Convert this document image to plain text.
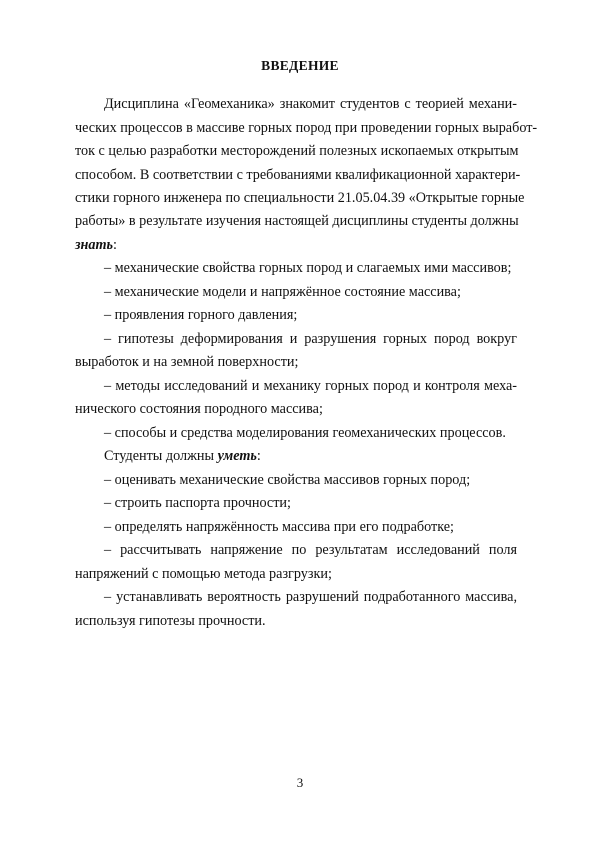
ВВЕДЕНИЕ
Дисциплина «Геомеханика» знакомит студентов с теорией механи-
ческих процессов в массиве горных пород при проведении горных выработ-
ток с целью разработки месторождений полезных ископаемых открытым
способом. В соответствии с требованиями квалификационной характери-
стики горного инженера по специальности 21.05.04.39 «Открытые горные
работы» в результате изучения настоящей дисциплины студенты должны
знать:
– механические свойства горных пород и слагаемых ими массивов;
– механические модели и напряжённое состояние массива;
– проявления горного давления;
– гипотезы деформирования и разрушения горных пород вокруг
выработок и на земной поверхности;
– методы исследований и механику горных пород и контроля меха-
нического состояния породного массива;
– способы и средства моделирования геомеханических процессов.
Студенты должны уметь:
– оценивать механические свойства массивов горных пород;
– строить паспорта прочности;
– определять напряжённость массива при его подработке;
– рассчитывать напряжение по результатам исследований поля
напряжений с помощью метода разгрузки;
– устанавливать вероятность разрушений подработанного массива,
используя гипотезы прочности.
3
